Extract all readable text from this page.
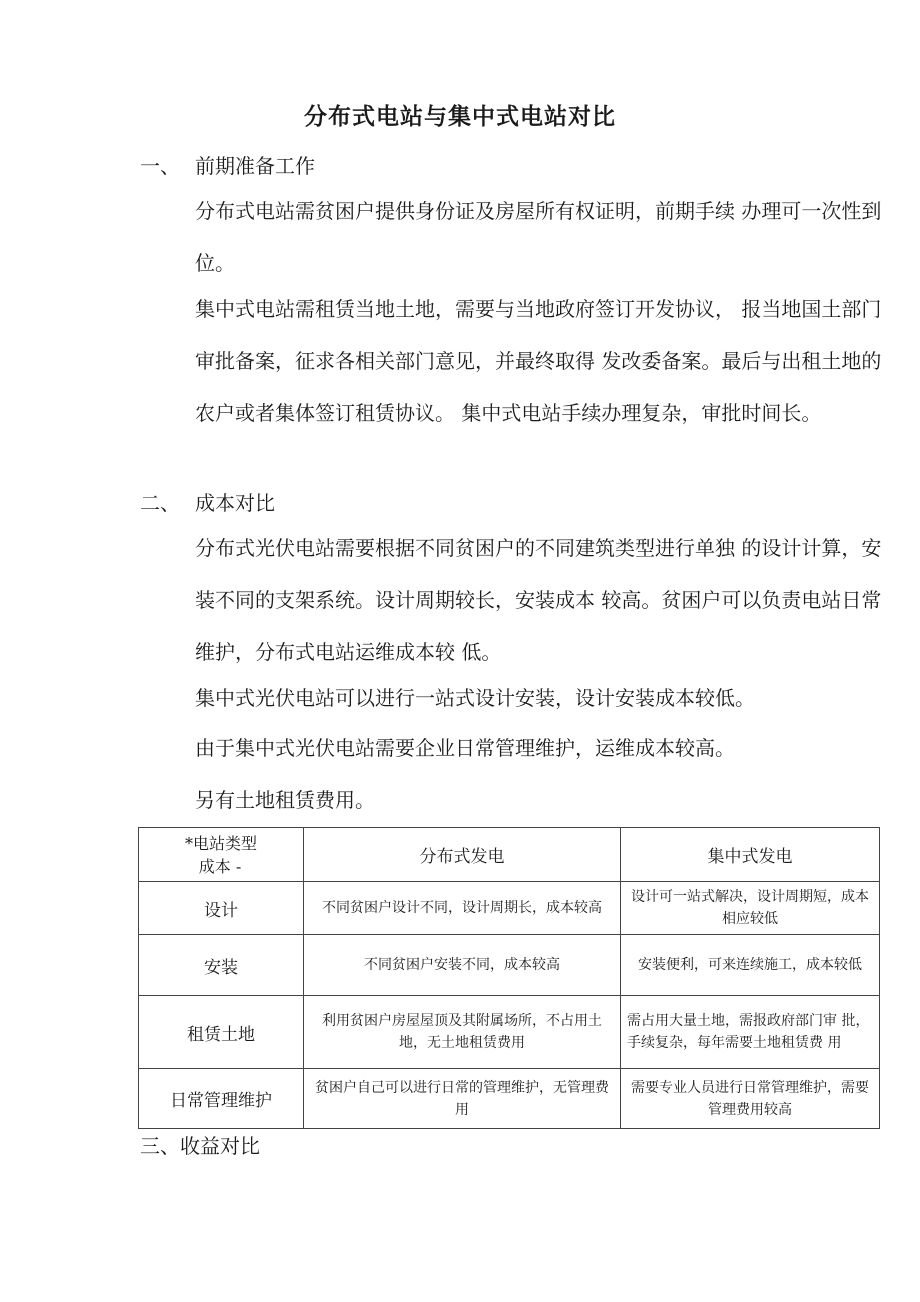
分布式电站与集中式电站对比
一、 前期准备工作

分布式电站需贫困户提供身份证及房屋所有权证明，前期手续 办理可一次性到位。

集中式电站需租赁当地土地，需要与当地政府签订开发协议， 报当地国土部门审批备案，征求各相关部门意见，并最终取得 发改委备案。最后与出租土地的农户或者集体签订租赁协议。 集中式电站手续办理复杂，审批时间长。

二、 成本对比

分布式光伏电站需要根据不同贫困户的不同建筑类型进行单独 的设计计算，安装不同的支架系统。设计周期较长，安装成本 较高。贫困户可以负责电站日常维护，分布式电站运维成本较 低。

集中式光伏电站可以进行一站式设计安装，设计安装成本较低。

由于集中式光伏电站需要企业日常管理维护，运维成本较高。

另有土地租赁费用。

*电站类型
成本 -	分布式发电	集中式发电
设计	不同贫困户设计不同，设计周期长，成本较高	设计可一站式解决，设计周期短，成本相应较低
安装	不同贫困户安装不同，成本较高	安装便利，可来连续施工，成本较低
租赁土地	利用贫困户房屋屋顶及其附属场所，不占用土地，无土地租赁费用	需占用大量土地，需报政府部门审 批，手续复杂，每年需要土地租赁费 用
日常管理维护	贫困户自己可以进行日常的管理维护，无管理费用	需要专业人员进行日常管理维护，需要管理费用较高
三、收益对比
